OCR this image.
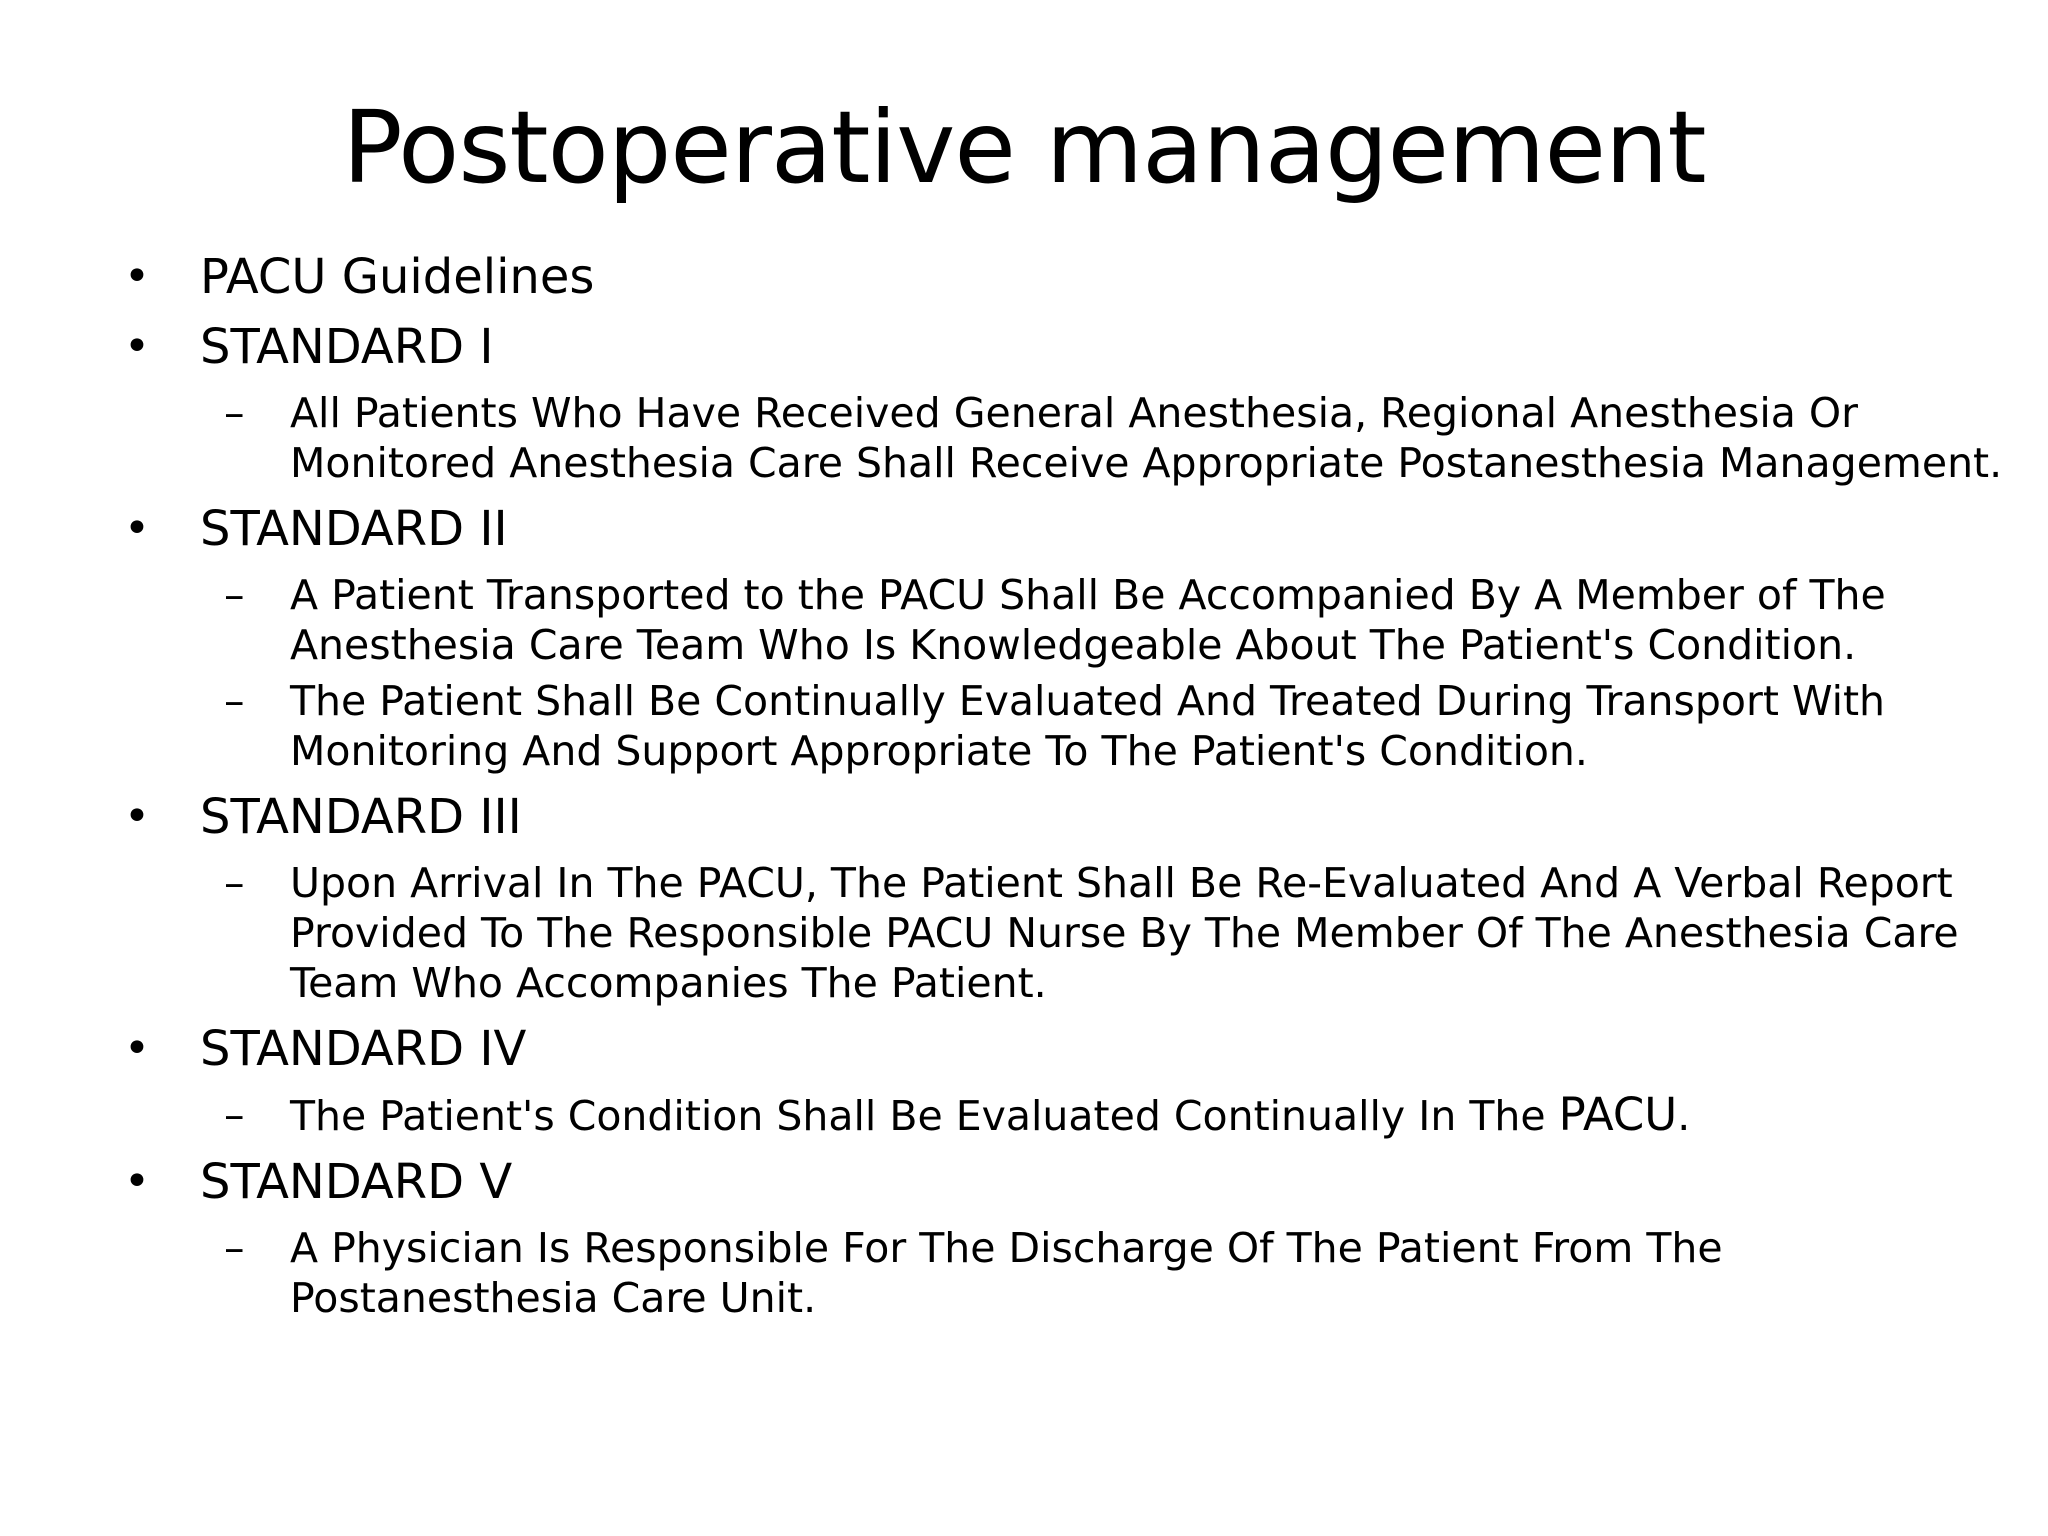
Postoperative management
• PACU Guidelines
• STANDARD I
– All Patients Who Have Received General Anesthesia, Regional Anesthesia Or Monitored Anesthesia Care Shall Receive Appropriate Postanesthesia Management.
• STANDARD II
– A Patient Transported to the PACU Shall Be Accompanied By A Member of The Anesthesia Care Team Who Is Knowledgeable About The Patient's Condition.
– The Patient Shall Be Continually Evaluated And Treated During Transport With Monitoring And Support Appropriate To The Patient's Condition.
• STANDARD III
– Upon Arrival In The PACU, The Patient Shall Be Re-Evaluated And A Verbal Report Provided To The Responsible PACU Nurse By The Member Of The Anesthesia Care Team Who Accompanies The Patient.
• STANDARD IV
– The Patient's Condition Shall Be Evaluated Continually In The PACU.
• STANDARD V
– A Physician Is Responsible For The Discharge Of The Patient From The Postanesthesia Care Unit.
